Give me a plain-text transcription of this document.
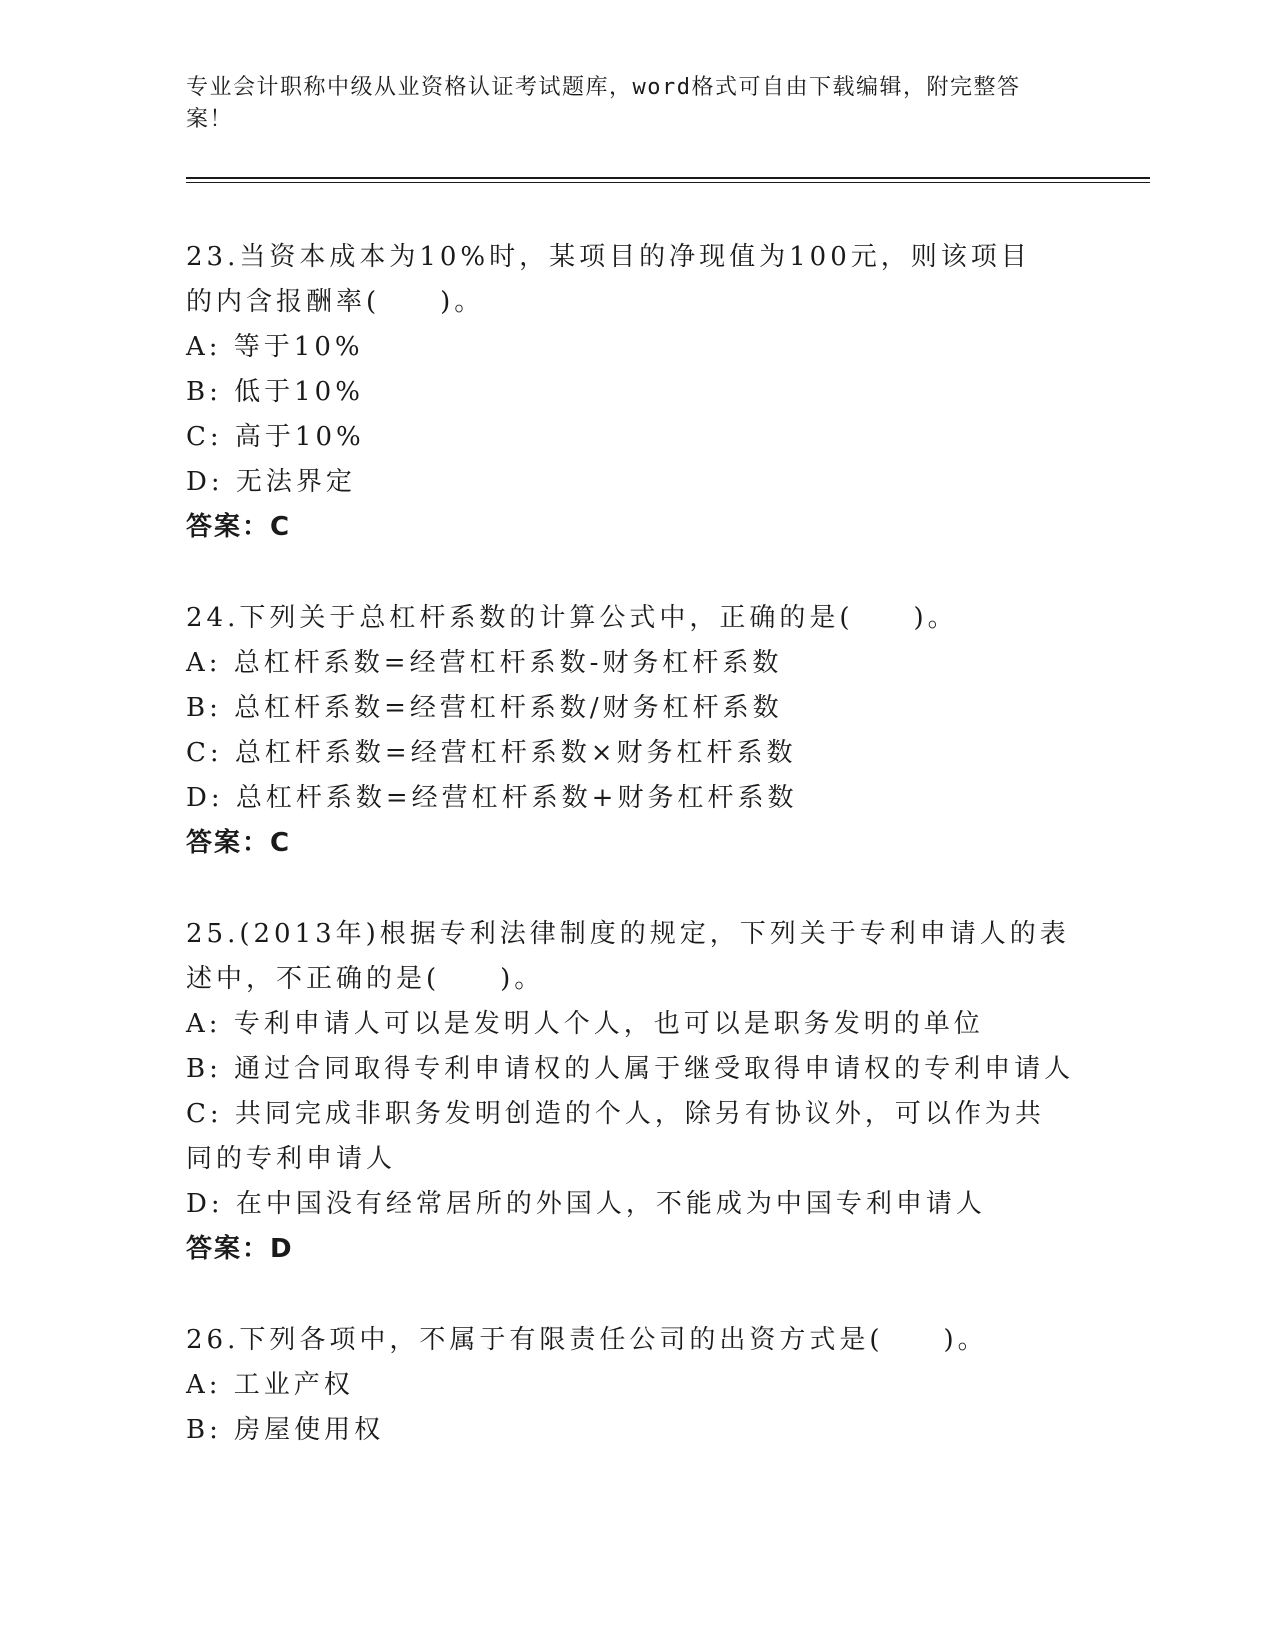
专业会计职称中级从业资格认证考试题库，word格式可自由下载编辑，附完整答案！
23.当资本成本为10%时，某项目的净现值为100元，则该项目的内含报酬率(　　)。
A: 等于10%
B: 低于10%
C: 高于10%
D: 无法界定
答案：C
24.下列关于总杠杆系数的计算公式中，正确的是(　　)。
A: 总杠杆系数=经营杠杆系数-财务杠杆系数
B: 总杠杆系数=经营杠杆系数/财务杠杆系数
C: 总杠杆系数=经营杠杆系数×财务杠杆系数
D: 总杠杆系数=经营杠杆系数+财务杠杆系数
答案：C
25.(2013年)根据专利法律制度的规定，下列关于专利申请人的表述中，不正确的是(　　)。
A: 专利申请人可以是发明人个人，也可以是职务发明的单位
B: 通过合同取得专利申请权的人属于继受取得申请权的专利申请人
C: 共同完成非职务发明创造的个人，除另有协议外，可以作为共同的专利申请人
D: 在中国没有经常居所的外国人，不能成为中国专利申请人
答案：D
26.下列各项中，不属于有限责任公司的出资方式是(　　)。
A: 工业产权
B: 房屋使用权
